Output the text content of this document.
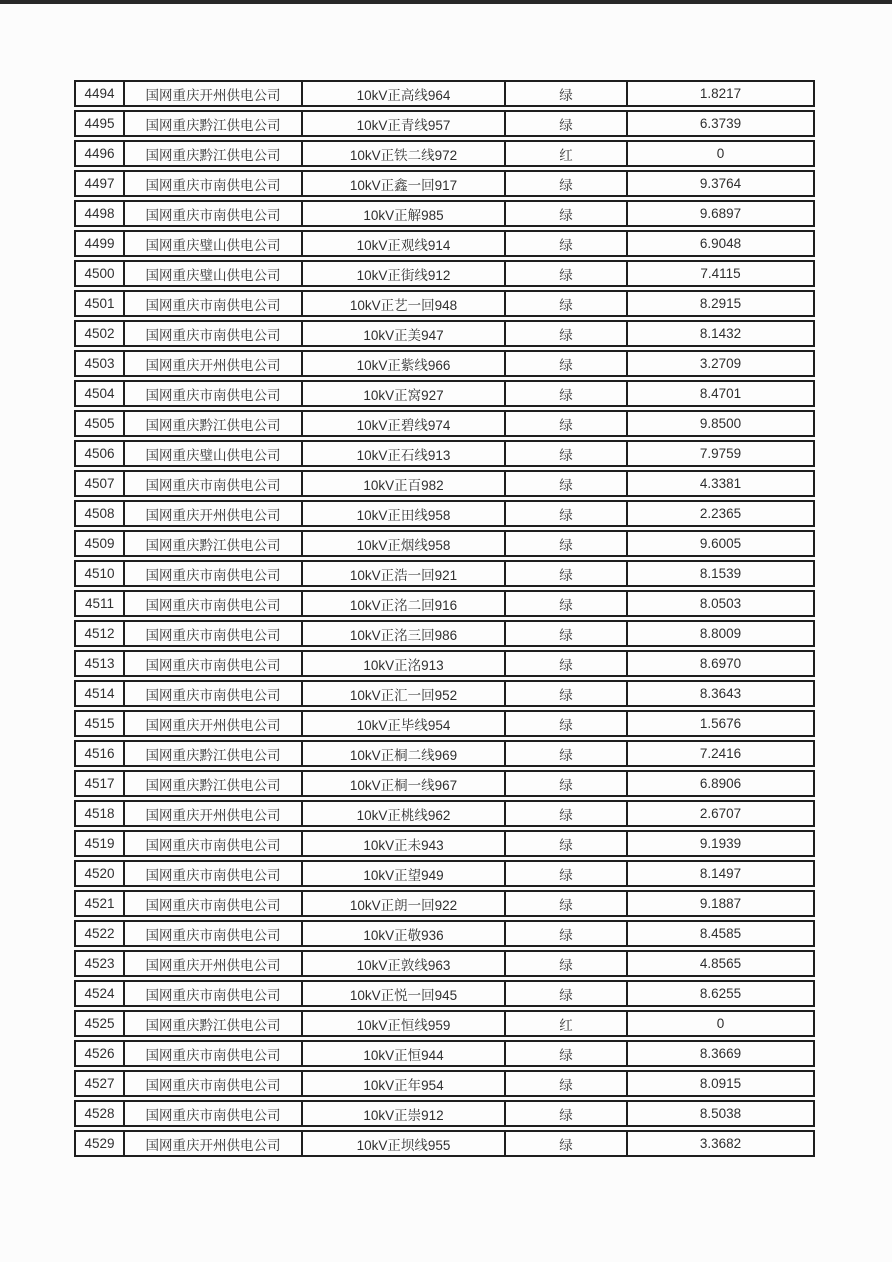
4494	国网重庆开州供电公司	10kV正高线964	绿	1.8217
4495	国网重庆黔江供电公司	10kV正青线957	绿	6.3739
4496	国网重庆黔江供电公司	10kV正铁二线972	红	0
4497	国网重庆市南供电公司	10kV正鑫一回917	绿	9.3764
4498	国网重庆市南供电公司	10kV正解985	绿	9.6897
4499	国网重庆璧山供电公司	10kV正观线914	绿	6.9048
4500	国网重庆璧山供电公司	10kV正街线912	绿	7.4115
4501	国网重庆市南供电公司	10kV正艺一回948	绿	8.2915
4502	国网重庆市南供电公司	10kV正美947	绿	8.1432
4503	国网重庆开州供电公司	10kV正紫线966	绿	3.2709
4504	国网重庆市南供电公司	10kV正窝927	绿	8.4701
4505	国网重庆黔江供电公司	10kV正碧线974	绿	9.8500
4506	国网重庆璧山供电公司	10kV正石线913	绿	7.9759
4507	国网重庆市南供电公司	10kV正百982	绿	4.3381
4508	国网重庆开州供电公司	10kV正田线958	绿	2.2365
4509	国网重庆黔江供电公司	10kV正烟线958	绿	9.6005
4510	国网重庆市南供电公司	10kV正浩一回921	绿	8.1539
4511	国网重庆市南供电公司	10kV正洺二回916	绿	8.0503
4512	国网重庆市南供电公司	10kV正洺三回986	绿	8.8009
4513	国网重庆市南供电公司	10kV正洺913	绿	8.6970
4514	国网重庆市南供电公司	10kV正汇一回952	绿	8.3643
4515	国网重庆开州供电公司	10kV正毕线954	绿	1.5676
4516	国网重庆黔江供电公司	10kV正桐二线969	绿	7.2416
4517	国网重庆黔江供电公司	10kV正桐一线967	绿	6.8906
4518	国网重庆开州供电公司	10kV正桃线962	绿	2.6707
4519	国网重庆市南供电公司	10kV正未943	绿	9.1939
4520	国网重庆市南供电公司	10kV正望949	绿	8.1497
4521	国网重庆市南供电公司	10kV正朗一回922	绿	9.1887
4522	国网重庆市南供电公司	10kV正敬936	绿	8.4585
4523	国网重庆开州供电公司	10kV正敦线963	绿	4.8565
4524	国网重庆市南供电公司	10kV正悦一回945	绿	8.6255
4525	国网重庆黔江供电公司	10kV正恒线959	红	0
4526	国网重庆市南供电公司	10kV正恒944	绿	8.3669
4527	国网重庆市南供电公司	10kV正年954	绿	8.0915
4528	国网重庆市南供电公司	10kV正崇912	绿	8.5038
4529	国网重庆开州供电公司	10kV正坝线955	绿	3.3682
